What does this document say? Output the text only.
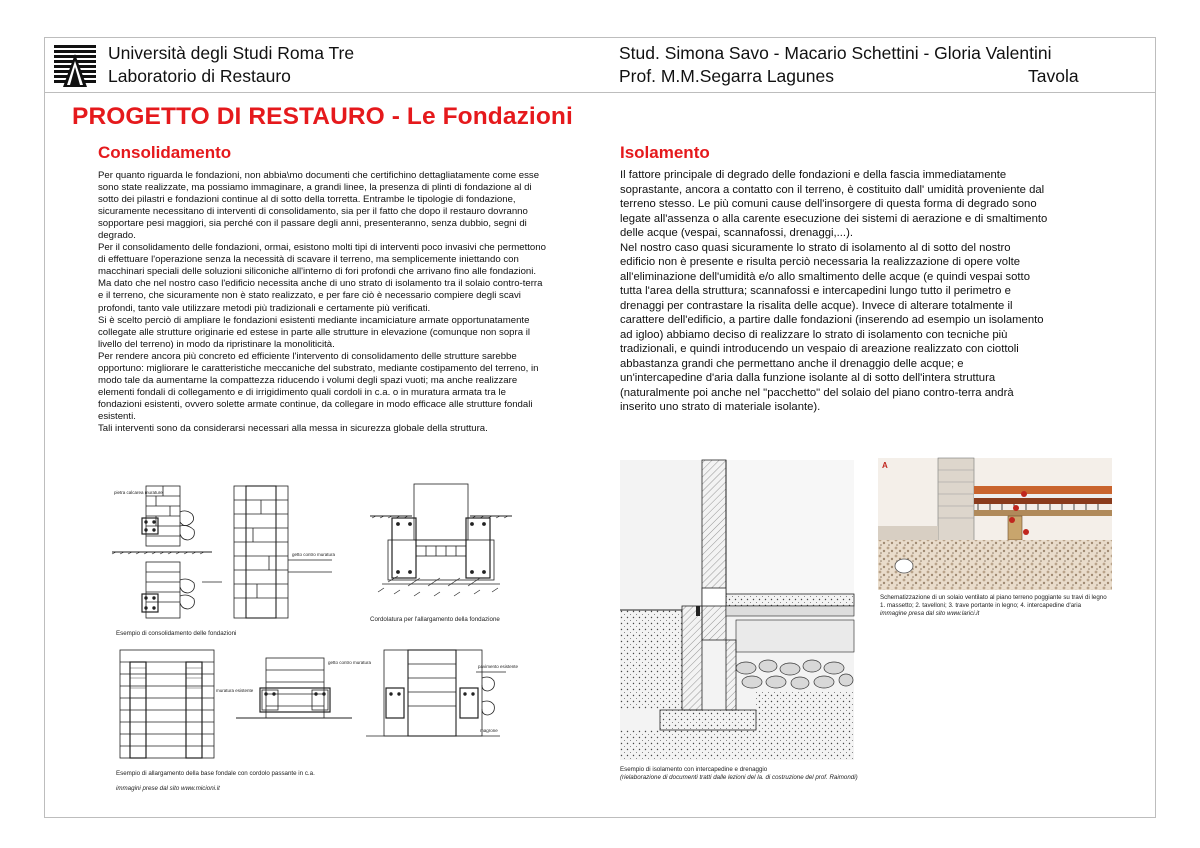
Università degli Studi Roma Tre
Laboratorio di Restauro
Stud. Simona Savo - Macario Schettini - Gloria Valentini
Prof. M.M.Segarra Lagunes	Tavola
PROGETTO DI RESTAURO - Le Fondazioni
Consolidamento

Per quanto riguarda le fondazioni, non abbia\mo documenti che certifichino dettagliatamente come esse sono state realizzate, ma possiamo immaginare, a grandi linee, la presenza di plinti di fondazione al di sotto dei pilastri e fondazioni continue al di sotto della torretta. Entrambe le tipologie di fondazione, sicuramente necessitano di interventi di consolidamento, sia per il fatto che dopo il restauro dovranno sopportare pesi maggiori, sia perché con il passare degli anni, presenteranno, senza dubbio, segni di degrado.

Per il consolidamento delle fondazioni, ormai, esistono molti tipi di interventi poco invasivi che permettono di effettuare l'operazione senza la necessità di scavare il terreno, ma semplicemente iniettando con macchinari speciali delle soluzioni siliconiche all'interno di fori profondi che arrivano fino alle fondazioni. Ma dato che nel nostro caso l'edificio necessita anche di uno strato di isolamento tra il solaio contro-terra e il terreno, che sicuramente non è stato realizzato, e per fare ciò è necessario compiere degli scavi profondi, tanto vale utilizzare metodi più tradizionali e certamente più verificati.

Si è scelto perciò di ampliare le fondazioni esistenti mediante incamiciature armate opportunatamente collegate alle strutture originarie ed estese in parte alle strutture in elevazione (comunque non sopra il livello del terreno) in modo da ripristinare la monoliticità.

Per rendere ancora più concreto ed efficiente l'intervento di consolidamento delle strutture sarebbe opportuno: migliorare le caratteristiche meccaniche del substrato, mediante costipamento del terreno, in modo tale da aumentarne la compattezza riducendo i volumi degli spazi vuoti; ma anche realizzare elementi fondali di collegamento e di irrigidimento quali cordoli in c.a. o in muratura armata tra le fondazioni esistenti, ovvero solette armate continue, da collegare in modo efficace alle strutture fondali esistenti.

Tali interventi sono da considerarsi necessari alla messa in sicurezza globale della struttura.

pietra calcarea murature
getto contro muratura
Esempio di consolidamento delle fondazioni
Cordolatura per l'allargamento della fondazione
muratura esistente
getto contro muratura
pavimento esistente
magrone
Esempio di allargamento della base fondale con cordolo passante in c.a.
immagini prese dal sito www.micioni.it
Isolamento

Il fattore principale di degrado delle fondazioni e della fascia immediatamente soprastante, ancora a contatto con il terreno, è costituito dall' umidità proveniente dal terreno stesso. Le più comuni cause dell'insorgere di questa forma di degrado sono legate all'assenza o alla carente esecuzione dei sistemi di aerazione e di smaltimento delle acque (vespai, scannafossi, drenaggi,...).

Nel nostro caso quasi sicuramente lo strato di isolamento al di sotto del nostro edificio non è presente e risulta perciò necessaria la realizzazione di opere volte all'eliminazione dell'umidità e/o allo smaltimento delle acque (e quindi vespai sotto tutta l'area della struttura; scannafossi e intercapedini lungo tutto il perimetro e drenaggi per contrastare la risalita delle acque). Invece di alterare totalmente il carattere dell'edificio, a partire dalle fondazioni (inserendo ad esempio un isolamento ad igloo) abbiamo deciso di realizzare lo strato di isolamento con tecniche più tradizionali, e quindi introducendo un vespaio di areazione realizzato con ciottoli abbastanza grandi che permettano anche il drenaggio delle acque; e un'intercapedine d'aria dalla funzione isolante al di sotto dell'intera struttura (naturalmente poi anche nel "pacchetto" del solaio del piano contro-terra andrà inserito uno strato di materiale isolante).

Esempio di isolamento con intercapedine e drenaggio
(rielaborazione di documenti tratti dalle lezioni del la. di costruzione del prof. Raimondi)
A
Schematizzazione di un solaio ventilato al piano terreno poggiante su travi di legno
1. massetto; 2. tavelloni; 3. trave portante in legno; 4. intercapedine d'aria
immagine presa dal sito www.larici.it
